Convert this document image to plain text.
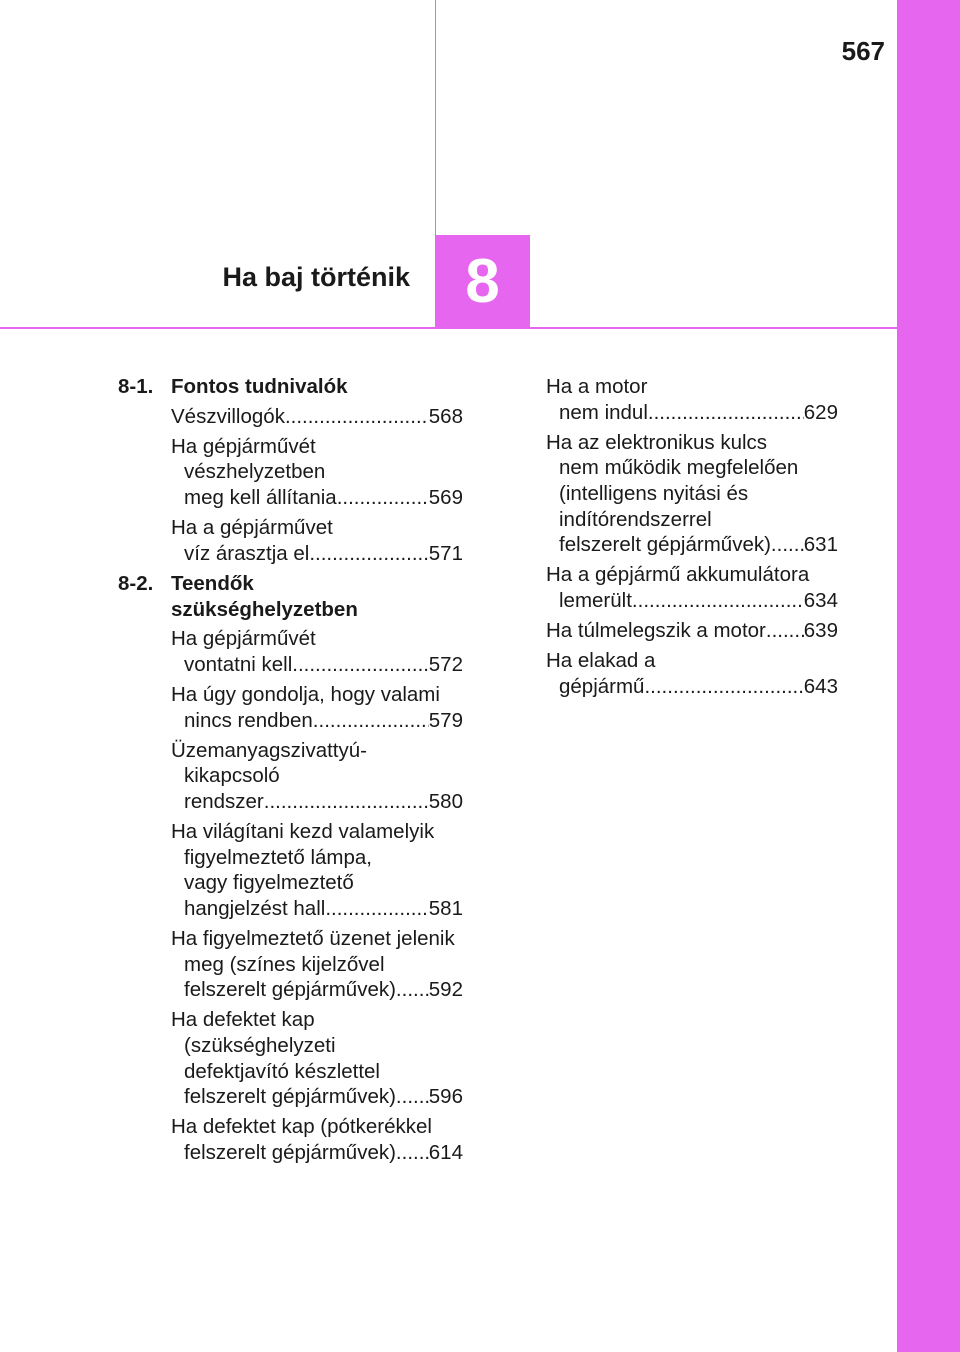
567
Ha baj történik 8
8-1. Fontos tudnivalók
Vészvillogók .....	568
Ha gépjárművét
vészhelyzetben
meg kell állítania .....	569
Ha a gépjárművet
víz árasztja el .....	571
8-2. Teendők
szükséghelyzetben
Ha gépjárművét
vontatni kell .....	572
Ha úgy gondolja, hogy valami
nincs rendben .....	579
Üzemanyagszivattyú-
kikapcsoló
rendszer .....	580
Ha világítani kezd valamelyik
figyelmeztető lámpa,
vagy figyelmeztető
hangjelzést hall .....	581
Ha figyelmeztető üzenet jelenik
meg (színes kijelzővel
felszerelt gépjárművek) ..... 592
Ha defektet kap
(szükséghelyzeti
defektjavító készlettel
felszerelt gépjárművek) ..... 596
Ha defektet kap (pótkerékkel
felszerelt gépjárművek) ..... 614
Ha a motor
nem indul .....	629
Ha az elektronikus kulcs
nem működik megfelelően
(intelligens nyitási és
indítórendszerrel
felszerelt gépjárművek) ..... 631
Ha a gépjármű akkumulátora
lemerült .....	634
Ha túlmelegszik a motor ..... 639
Ha elakad a
gépjármű .....	643
